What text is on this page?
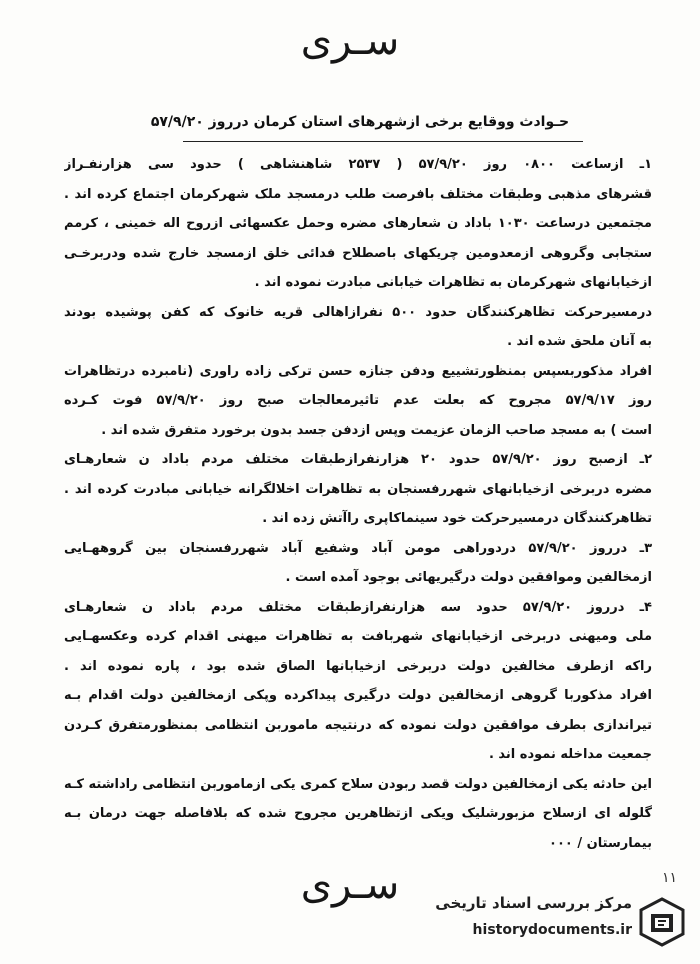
سـری
حـوادث ووقایع برخی ازشهرهای استان کرمان درروز ۵۷/۹/۲۰
۱ـ ازساعت ۰۸۰۰ روز ۵۷/۹/۲۰ ( ۲۵۳۷ شاهنشاهی ) حدود سی هزارنفـراز
قشرهای مذهبی وطبقات مختلف بافرصت طلب درمسجد ملک شهرکرمان اجتماع کرده اند .
مجتمعین درساعت ۱۰۳۰ باداد ن شعارهای مضره وحمل عکسهائی ازروح اله خمینی ، کرمم
ستجابی وگروهی ازمعدومین چریکهای باصطلاح فدائی خلق ازمسجد خارج شده ودربرخـی
ازخیابانهای شهرکرمان به تظاهرات خیابانی مبادرت نموده اند .
درمسیرحرکت تظاهرکنندگان حدود ۵۰۰ نفرازاهالی قریه خانوک که کفن پوشیده بودند
به آنان ملحق شده اند .
افراد مذکوربسپس بمنظورتشییع ودفن جنازه حسن ترکی زاده راوری (نامبرده درتظاهرات
روز ۵۷/۹/۱۷ مجروح که بعلت عدم تاثیرمعالجات صبح روز ۵۷/۹/۲۰ فوت کـرده
است ) به مسجد صاحب الزمان عزیمت وپس ازدفن جسد بدون برخورد متفرق شده اند .
۲ـ ازصبح روز ۵۷/۹/۲۰ حدود ۲۰ هزارنفرازطبقات مختلف مردم باداد ن شعارهـای
مضره دربرخی ازخیابانهای شهررفسنجان به تظاهرات اخلالگرانه خیابانی مبادرت کرده اند .
تظاهرکنندگان درمسیرحرکت خود سینماکاپری راآتش زده اند .
۳ـ درروز ۵۷/۹/۲۰ دردوراهی مومن آباد وشفیع آباد شهررفسنجان بین گروههـایی
ازمخالفین وموافقین دولت درگیریهائی بوجود آمده است .
۴ـ درروز ۵۷/۹/۲۰ حدود سه هزارنفرازطبقات مختلف مردم باداد ن شعارهـای
ملی ومیهنی دربرخی ازخیابانهای شهربافت به تظاهرات میهنی اقدام کرده وعکسهـایی
راکه ازطرف مخالفین دولت دربرخی ازخیابانها الصاق شده بود ، پاره نموده اند .
افراد مذکوربا گروهی ازمخالفین دولت درگیری پیداکرده وپکی ازمخالفین دولت اقدام بـه
تیراندازی بطرف موافقین دولت نموده که درنتیجه ماموربن انتظامی بمنظورمتفرق کـردن
جمعیت مداخله نموده اند .
این حادثه یکی ازمخالفین دولت قصد ربودن سلاح کمری یکی ازماموربن انتظامی راداشته کـه
گلوله ای ازسلاح مزبورشلیک ویکی ازتظاهرین مجروح شده که بلافاصله جهت درمان بـه
بیمارستان / ۰۰۰
۱۱
سـری	مرکز بررسی اسناد تاریخی
historydocuments.ir
